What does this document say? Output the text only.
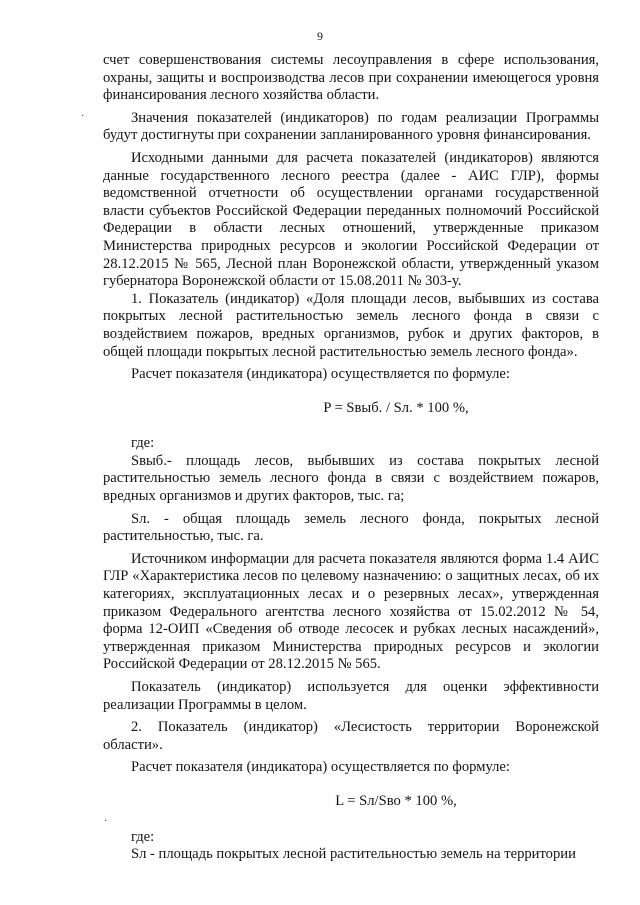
9

счет совершенствования системы лесоуправления в сфере использования, охраны, защиты и воспроизводства лесов при сохранении имеющегося уровня финансирования лесного хозяйства области.

Значения показателей (индикаторов) по годам реализации Программы будут достигнуты при сохранении запланированного уровня финансирования.

Исходными данными для расчета показателей (индикаторов) являются данные государственного лесного реестра (далее - АИС ГЛР), формы ведомственной отчетности об осуществлении органами государственной власти субъектов Российской Федерации переданных полномочий Российской Федерации в области лесных отношений, утвержденные приказом Министерства природных ресурсов и экологии Российской Федерации от 28.12.2015 № 565, Лесной план Воронежской области, утвержденный указом губернатора Воронежской области от 15.08.2011 № 303-у.

1. Показатель (индикатор) «Доля площади лесов, выбывших из состава покрытых лесной растительностью земель лесного фонда в связи с воздействием пожаров, вредных организмов, рубок и других факторов, в общей площади покрытых лесной растительностью земель лесного фонда».

Расчет показателя (индикатора) осуществляется по формуле:

P = Sвыб. / Sл. * 100 %,

где:

Sвыб.- площадь лесов, выбывших из состава покрытых лесной растительностью земель лесного фонда в связи с воздействием пожаров, вредных организмов и других факторов, тыс. га;

Sл. - общая площадь земель лесного фонда, покрытых лесной растительностью, тыс. га.

Источником информации для расчета показателя являются форма 1.4 АИС ГЛР «Характеристика лесов по целевому назначению: о защитных лесах, об их категориях, эксплуатационных лесах и о резервных лесах», утвержденная приказом Федерального агентства лесного хозяйства от 15.02.2012 № 54, форма 12-ОИП «Сведения об отводе лесосек и рубках лесных насаждений», утвержденная приказом Министерства природных ресурсов и экологии Российской Федерации от 28.12.2015 № 565.

Показатель (индикатор) используется для оценки эффективности реализации Программы в целом.

2. Показатель (индикатор) «Лесистость территории Воронежской области».

Расчет показателя (индикатора) осуществляется по формуле:

L = Sл/Sво * 100 %,

где:

Sл - площадь покрытых лесной растительностью земель на территории

·
·
